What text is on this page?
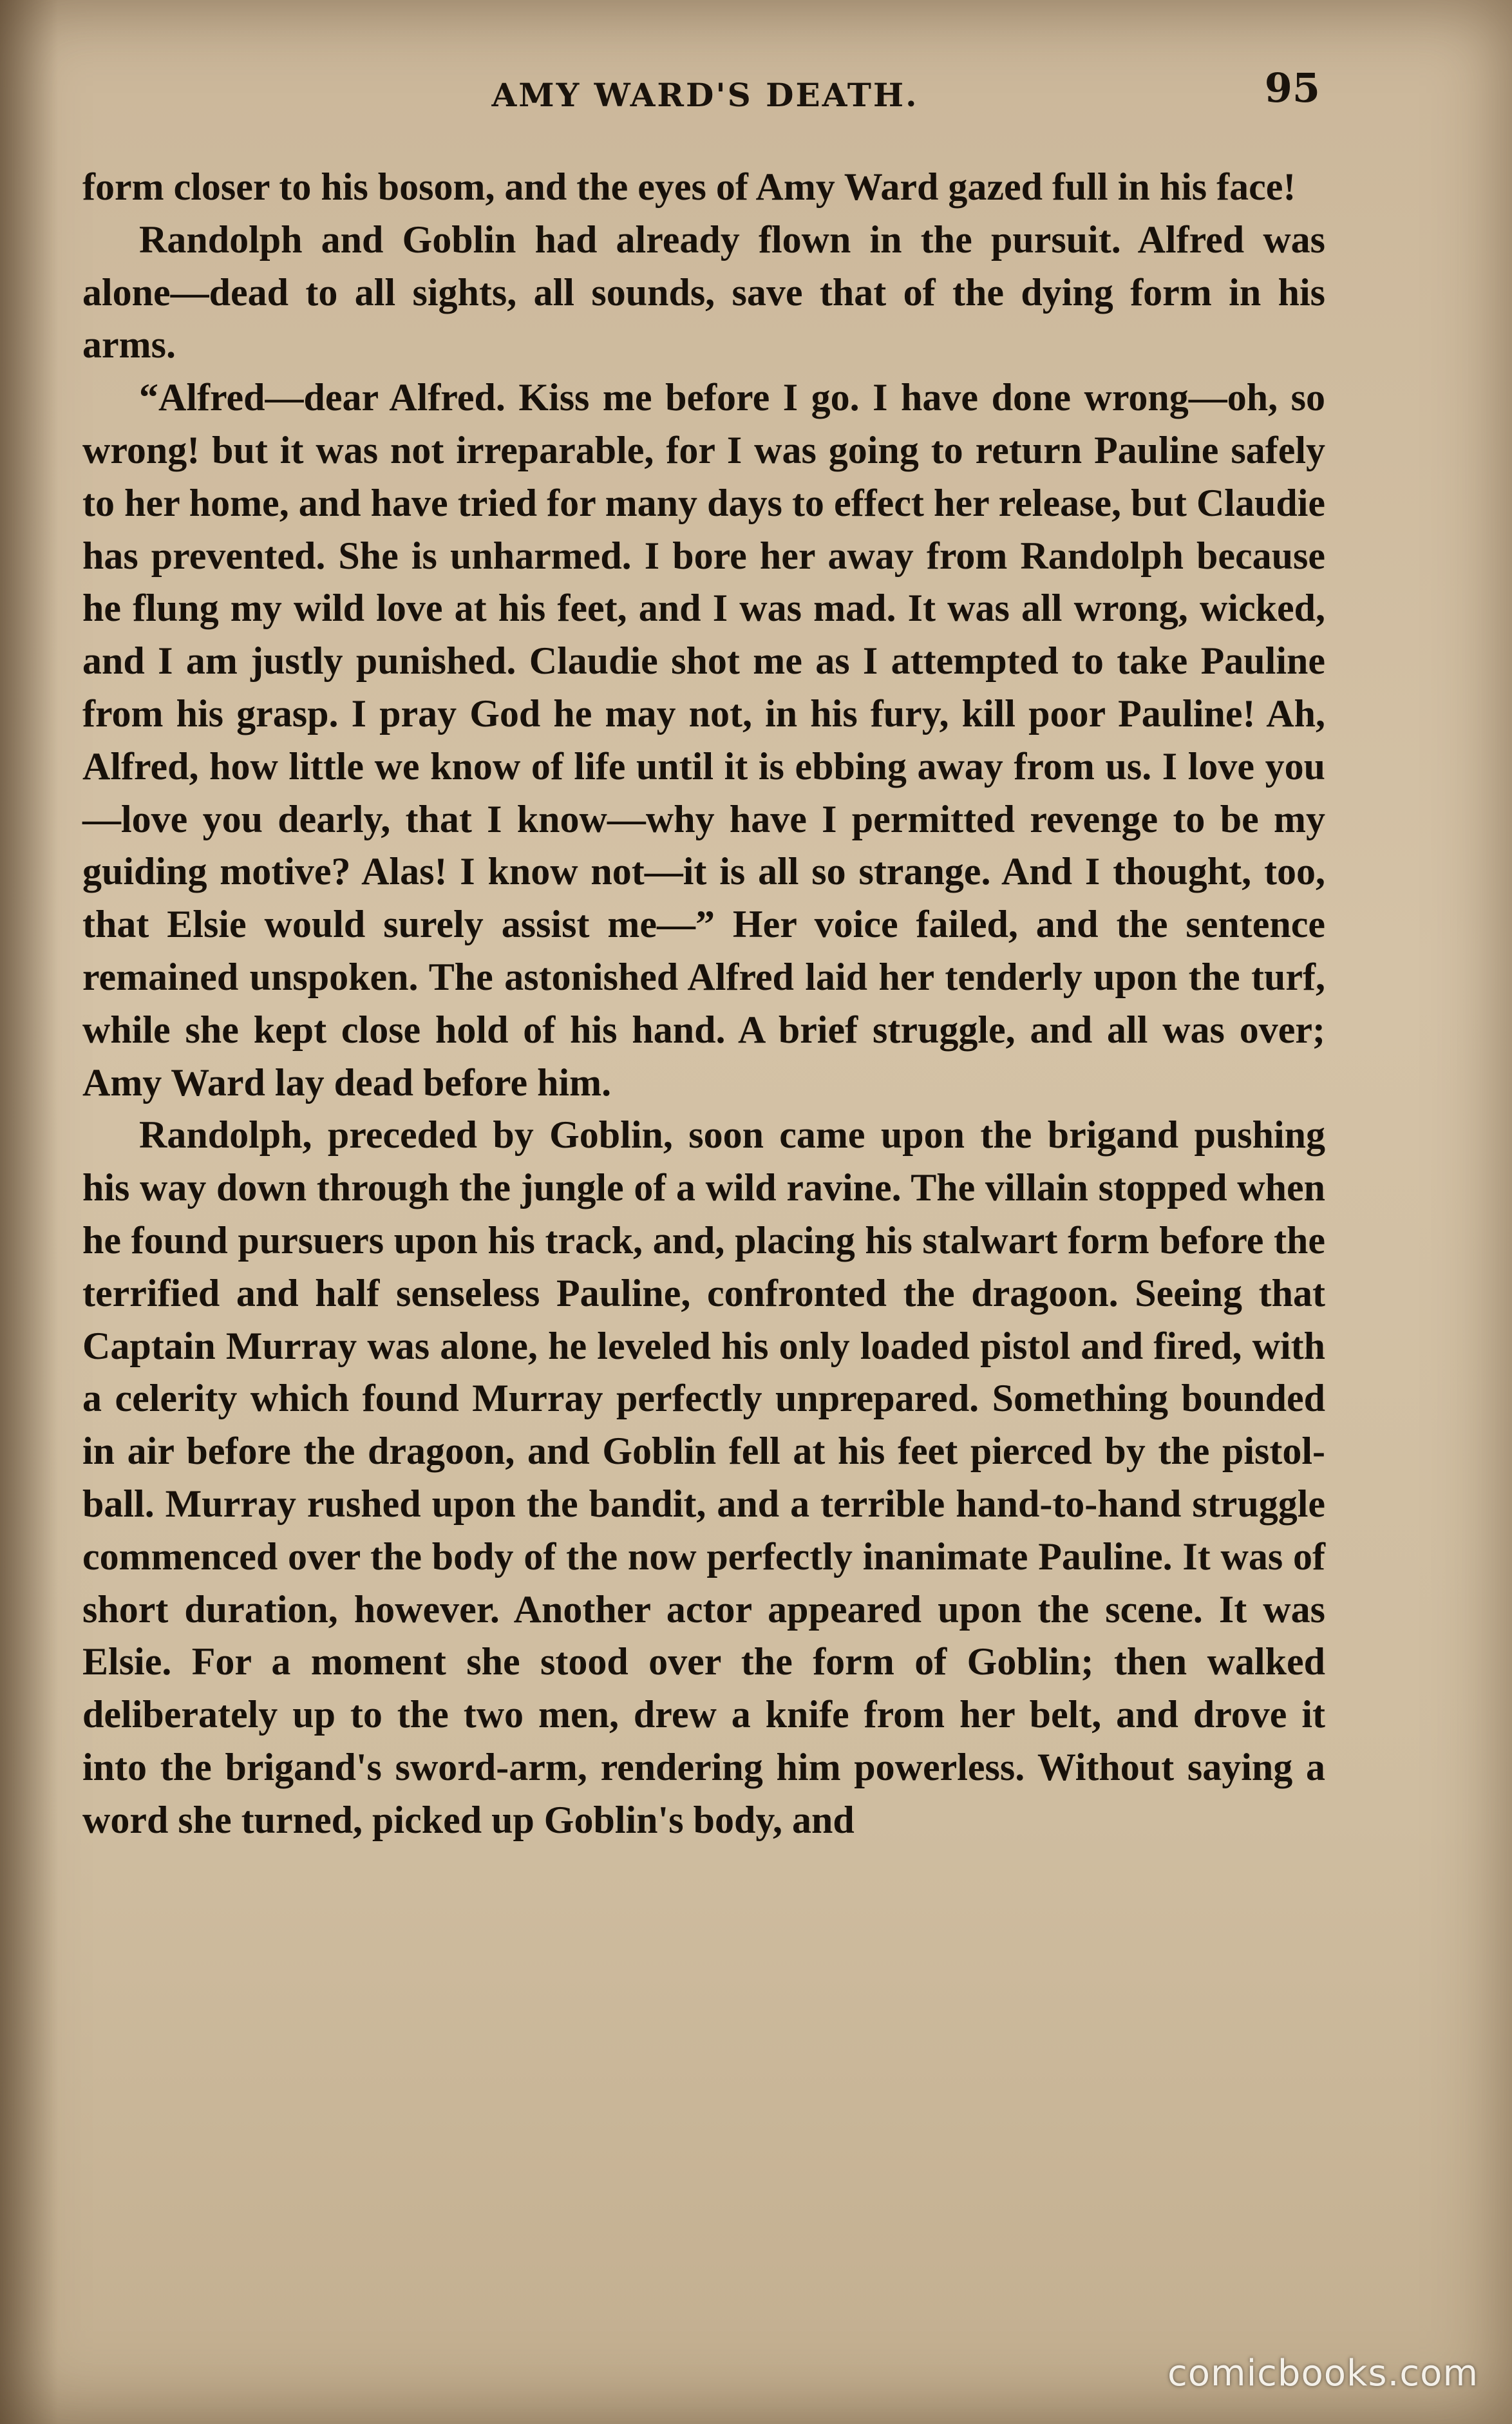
AMY WARD'S DEATH.	95

form closer to his bosom, and the eyes of Amy Ward gazed full in his face!

Randolph and Goblin had already flown in the pursuit. Alfred was alone—dead to all sights, all sounds, save that of the dying form in his arms.

“Alfred—dear Alfred. Kiss me before I go. I have done wrong—oh, so wrong! but it was not irreparable, for I was going to return Pauline safely to her home, and have tried for many days to effect her release, but Claudie has prevented. She is unharmed. I bore her away from Randolph because he flung my wild love at his feet, and I was mad. It was all wrong, wicked, and I am justly punished. Claudie shot me as I attempted to take Pauline from his grasp. I pray God he may not, in his fury, kill poor Pauline! Ah, Alfred, how little we know of life until it is ebbing away from us. I love you—love you dearly, that I know—why have I permitted revenge to be my guiding motive? Alas! I know not—it is all so strange. And I thought, too, that Elsie would surely assist me—” Her voice failed, and the sentence remained unspoken. The astonished Alfred laid her tenderly upon the turf, while she kept close hold of his hand. A brief struggle, and all was over; Amy Ward lay dead before him.

Randolph, preceded by Goblin, soon came upon the brigand pushing his way down through the jungle of a wild ravine. The villain stopped when he found pursuers upon his track, and, placing his stalwart form before the terrified and half senseless Pauline, confronted the dragoon. Seeing that Captain Murray was alone, he leveled his only loaded pistol and fired, with a celerity which found Murray perfectly unprepared. Something bounded in air before the dragoon, and Goblin fell at his feet pierced by the pistol-ball. Murray rushed upon the bandit, and a terrible hand-to-hand struggle commenced over the body of the now perfectly inanimate Pauline. It was of short duration, however. Another actor appeared upon the scene. It was Elsie. For a moment she stood over the form of Goblin; then walked deliberately up to the two men, drew a knife from her belt, and drove it into the brigand's sword-arm, rendering him powerless. Without saying a word she turned, picked up Goblin's body, and

comicbooks.com
